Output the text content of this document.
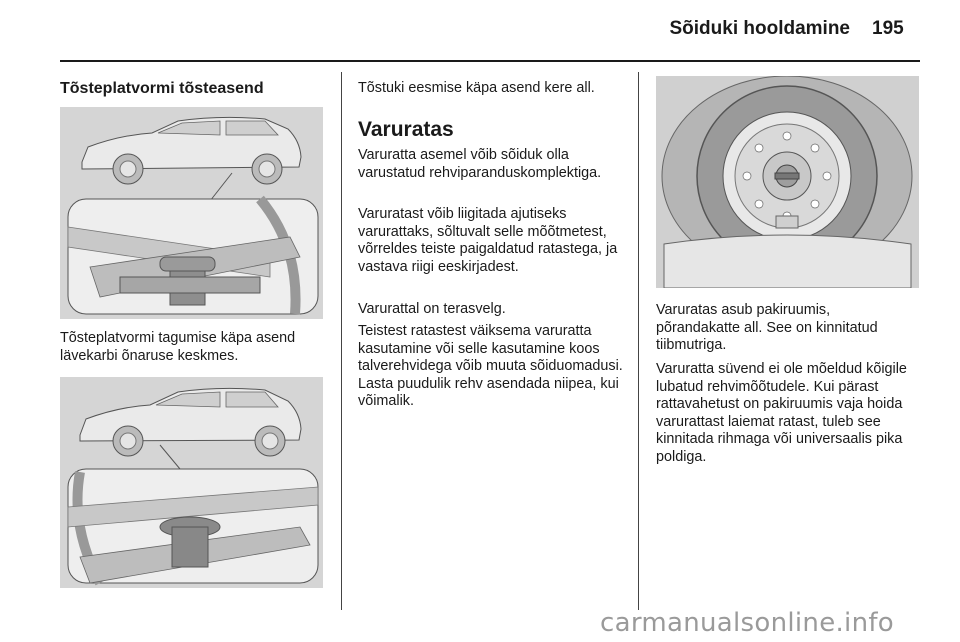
Sõiduki hooldamine 195
Tõsteplatvormi tõsteasend

Tõsteplatvormi tagumise käpa asend lävekarbi õnaruse keskmes.

Tõstuki eesmise käpa asend kere all.

Varuratas

Varuratta asemel võib sõiduk olla varustatud rehviparanduskomplektiga.

Varuratast võib liigitada ajutiseks varurattaks, sõltuvalt selle mõõtmetest, võrreldes teiste paigaldatud ratastega, ja vastava riigi eeskirjadest.

Varurattal on terasvelg.

Teistest ratastest väiksema varuratta kasutamine või selle kasutamine koos talverehvidega võib muuta sõiduomadusi. Lasta puudulik rehv asendada niipea, kui võimalik.

Varuratas asub pakiruumis, põrandakatte all. See on kinnitatud tiibmutriga.

Varuratta süvend ei ole mõeldud kõigile lubatud rehvimõõtudele. Kui pärast rattavahetust on pakiruumis vaja hoida varurattast laiemat ratast, tuleb see kinnitada rihmaga või universaalis pika poldiga.

carmanualsonline.info
